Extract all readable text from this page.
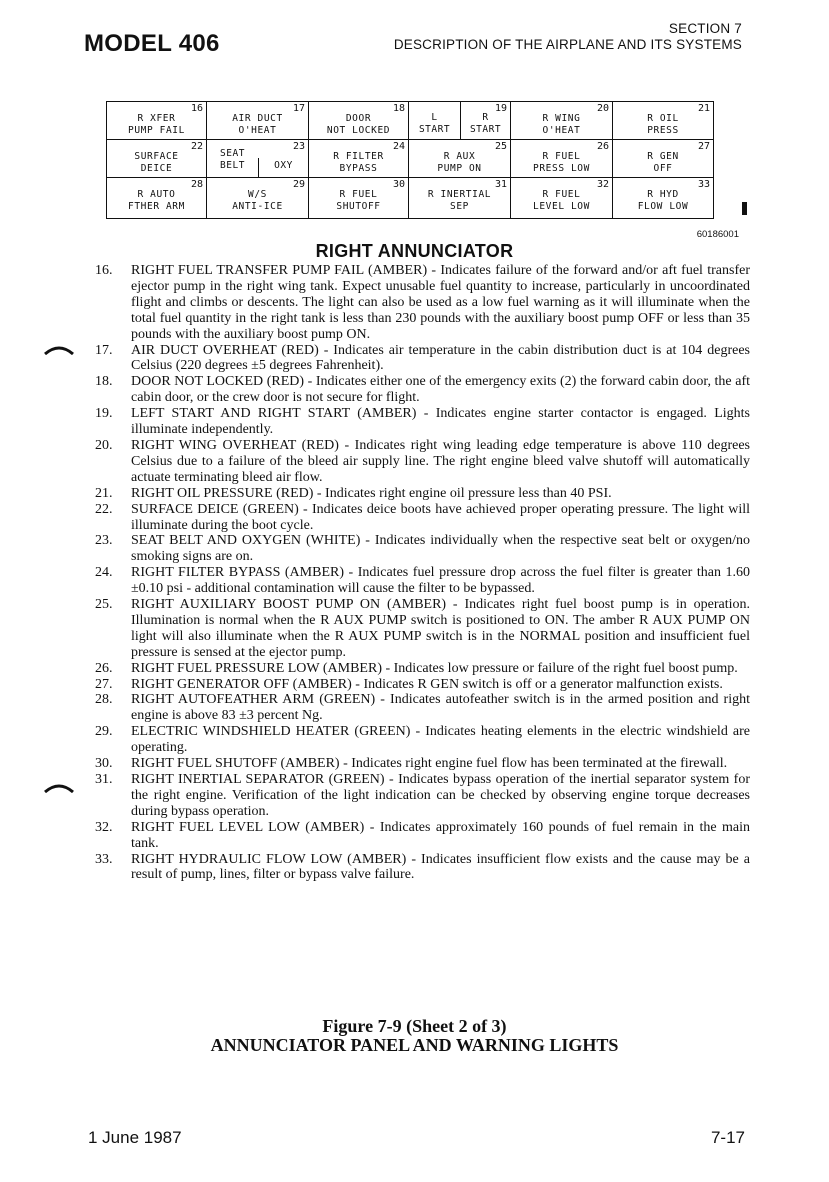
MODEL 406
SECTION 7
DESCRIPTION OF THE AIRPLANE AND ITS SYSTEMS
16
R XFER
PUMP FAIL
17
AIR DUCT
O'HEAT
18
DOOR
NOT LOCKED
19
L
START
R
START
20
R WING
O'HEAT
21
R OIL
PRESS
22
SURFACE
DEICE
23
SEAT
BELT	OXY
24
R FILTER
BYPASS
25
R AUX
PUMP ON
26
R FUEL
PRESS LOW
27
R GEN
OFF
28
R AUTO
FTHER ARM
29
W/S
ANTI-ICE
30
R FUEL
SHUTOFF
31
R INERTIAL
SEP
32
R FUEL
LEVEL LOW
33
R HYD
FLOW LOW
60186001
RIGHT ANNUNCIATOR
16.	RIGHT FUEL TRANSFER PUMP FAIL (AMBER) - Indicates failure of the forward and/or aft fuel transfer ejector pump in the right wing tank. Expect unusable fuel quantity to increase, particularly in uncoordinated flight and climbs or descents. The light can also be used as a low fuel warning as it will illuminate when the total fuel quantity in the right tank is less than 230 pounds with the auxiliary boost pump OFF or less than 35 pounds with the auxiliary boost pump ON.
17.	AIR DUCT OVERHEAT (RED) - Indicates air temperature in the cabin distribution duct is at 104 degrees Celsius (220 degrees ±5 degrees Fahrenheit).
18.	DOOR NOT LOCKED (RED) - Indicates either one of the emergency exits (2) the forward cabin door, the aft cabin door, or the crew door is not secure for flight.
19.	LEFT START AND RIGHT START (AMBER) - Indicates engine starter contactor is engaged. Lights illuminate independently.
20.	RIGHT WING OVERHEAT (RED) - Indicates right wing leading edge temperature is above 110 degrees Celsius due to a failure of the bleed air supply line. The right engine bleed valve shutoff will automatically actuate terminating bleed air flow.
21.	RIGHT OIL PRESSURE (RED) - Indicates right engine oil pressure less than 40 PSI.
22.	SURFACE DEICE (GREEN) - Indicates deice boots have achieved proper operating pressure. The light will illuminate during the boot cycle.
23.	SEAT BELT AND OXYGEN (WHITE) - Indicates individually when the respective seat belt or oxygen/no smoking signs are on.
24.	RIGHT FILTER BYPASS (AMBER) - Indicates fuel pressure drop across the fuel filter is greater than 1.60 ±0.10 psi - additional contamination will cause the filter to be bypassed.
25.	RIGHT AUXILIARY BOOST PUMP ON (AMBER) - Indicates right fuel boost pump is in operation. Illumination is normal when the R AUX PUMP switch is positioned to ON. The amber R AUX PUMP ON light will also illuminate when the R AUX PUMP switch is in the NORMAL position and insufficient fuel pressure is sensed at the ejector pump.
26.	RIGHT FUEL PRESSURE LOW (AMBER) - Indicates low pressure or failure of the right fuel boost pump.
27.	RIGHT GENERATOR OFF (AMBER) - Indicates R GEN switch is off or a generator malfunction exists.
28.	RIGHT AUTOFEATHER ARM (GREEN) - Indicates autofeather switch is in the armed position and right engine is above 83 ±3 percent Ng.
29.	ELECTRIC WINDSHIELD HEATER (GREEN) - Indicates heating elements in the electric windshield are operating.
30.	RIGHT FUEL SHUTOFF (AMBER) - Indicates right engine fuel flow has been terminated at the firewall.
31.	RIGHT INERTIAL SEPARATOR (GREEN) - Indicates bypass operation of the inertial separator system for the right engine. Verification of the light indication can be checked by observing engine torque decreases during bypass operation.
32.	RIGHT FUEL LEVEL LOW (AMBER) - Indicates approximately 160 pounds of fuel remain in the main tank.
33.	RIGHT HYDRAULIC FLOW LOW (AMBER) - Indicates insufficient flow exists and the cause may be a result of pump, lines, filter or bypass valve failure.
Figure 7-9 (Sheet 2 of 3)
ANNUNCIATOR PANEL AND WARNING LIGHTS
1 June 1987	7-17
